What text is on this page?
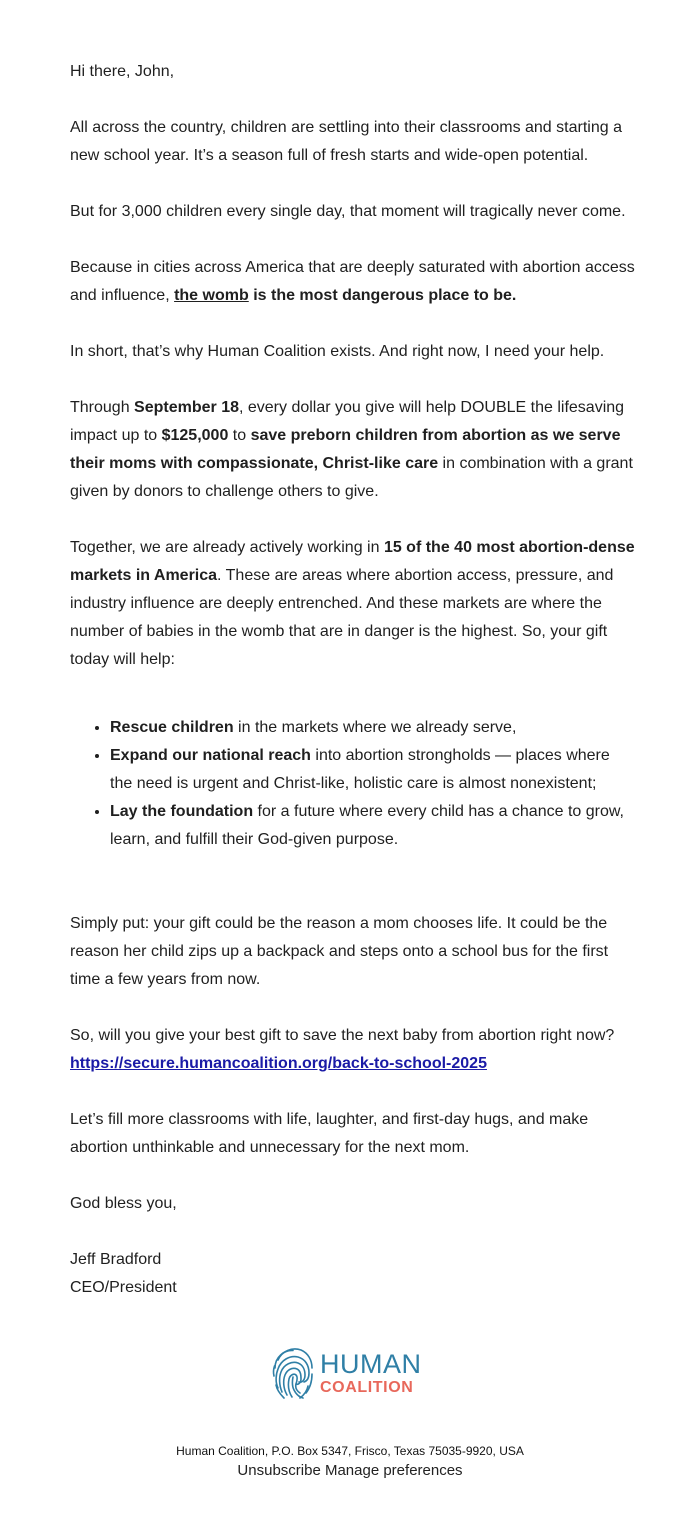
Hi there, John,

All across the country, children are settling into their classrooms and starting a new school year. It’s a season full of fresh starts and wide-open potential.

But for 3,000 children every single day, that moment will tragically never come.

Because in cities across America that are deeply saturated with abortion access and influence, the womb is the most dangerous place to be.

In short, that’s why Human Coalition exists. And right now, I need your help.

Through September 18, every dollar you give will help DOUBLE the lifesaving impact up to $125,000 to save preborn children from abortion as we serve their moms with compassionate, Christ-like care in combination with a grant given by donors to challenge others to give.

Together, we are already actively working in 15 of the 40 most abortion-dense markets in America. These are areas where abortion access, pressure, and industry influence are deeply entrenched. And these markets are where the number of babies in the womb that are in danger is the highest. So, your gift today will help:

• Rescue children in the markets where we already serve,
• Expand our national reach into abortion strongholds — places where the need is urgent and Christ-like, holistic care is almost nonexistent;
• Lay the foundation for a future where every child has a chance to grow, learn, and fulfill their God-given purpose.

Simply put: your gift could be the reason a mom chooses life. It could be the reason her child zips up a backpack and steps onto a school bus for the first time a few years from now.

So, will you give your best gift to save the next baby from abortion right now?
https://secure.humancoalition.org/back-to-school-2025

Let’s fill more classrooms with life, laughter, and first-day hugs, and make abortion unthinkable and unnecessary for the next mom.

God bless you,

Jeff Bradford

CEO/President

HUMAN
COALITION
Human Coalition, P.O. Box 5347, Frisco, Texas 75035-9920, USA
Unsubscribe Manage preferences
